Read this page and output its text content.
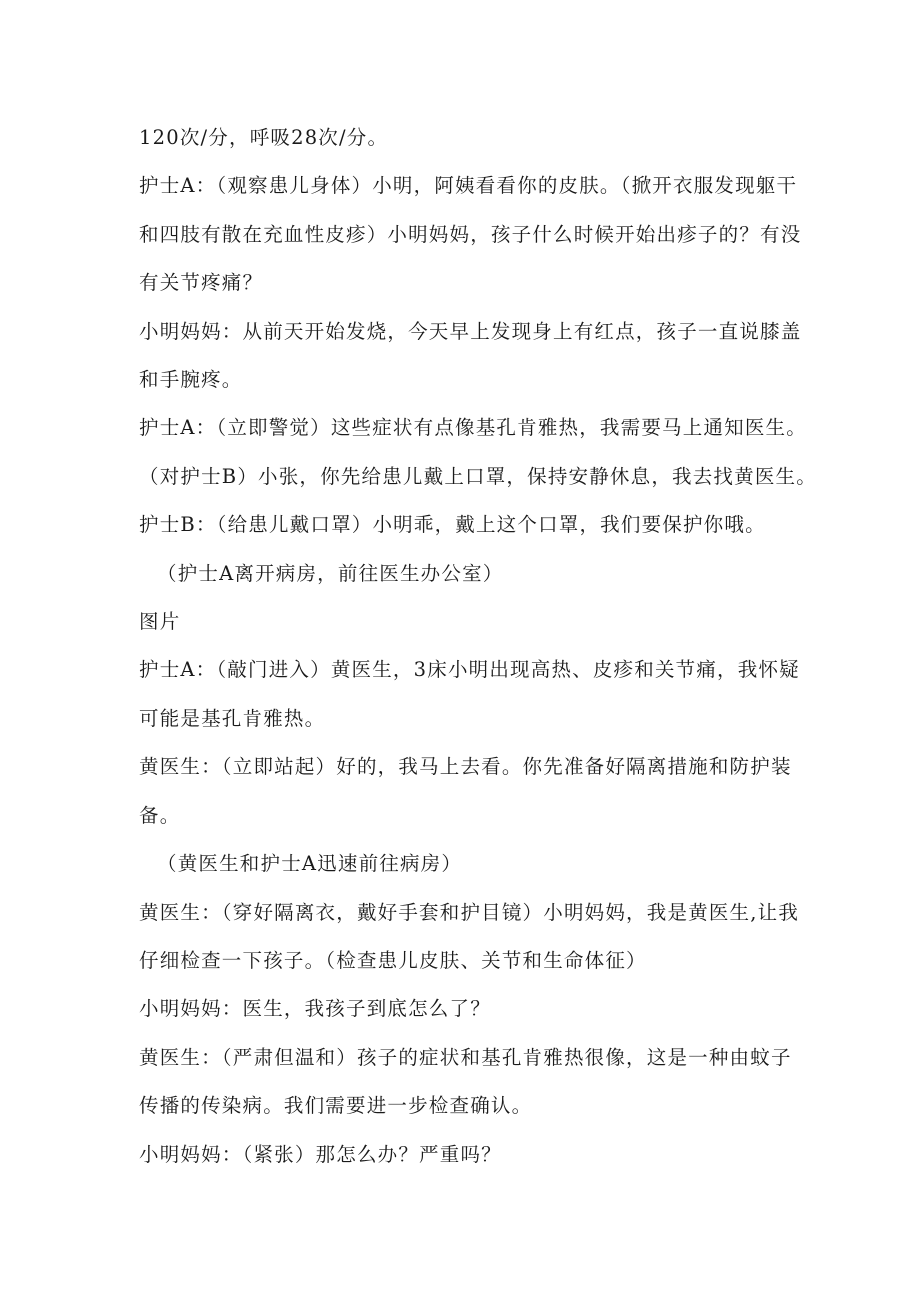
120次/分，呼吸28次/分。

护士A：（观察患儿身体）小明，阿姨看看你的皮肤。（掀开衣服发现躯干
和四肢有散在充血性皮疹）小明妈妈，孩子什么时候开始出疹子的？有没
有关节疼痛？

小明妈妈：从前天开始发烧，今天早上发现身上有红点，孩子一直说膝盖
和手腕疼。

护士A：（立即警觉）这些症状有点像基孔肯雅热，我需要马上通知医生。
（对护士B）小张，你先给患儿戴上口罩，保持安静休息，我去找黄医生。

护士B：（给患儿戴口罩）小明乖，戴上这个口罩，我们要保护你哦。

（护士A离开病房，前往医生办公室）

图片

护士A：（敲门进入）黄医生，3床小明出现高热、皮疹和关节痛，我怀疑
可能是基孔肯雅热。

黄医生：（立即站起）好的，我马上去看。你先准备好隔离措施和防护装
备。

（黄医生和护士A迅速前往病房）

黄医生：（穿好隔离衣，戴好手套和护目镜）小明妈妈，我是黄医生,让我
仔细检查一下孩子。（检查患儿皮肤、关节和生命体征）

小明妈妈：医生，我孩子到底怎么了？

黄医生：（严肃但温和）孩子的症状和基孔肯雅热很像，这是一种由蚊子
传播的传染病。我们需要进一步检查确认。

小明妈妈：（紧张）那怎么办？严重吗？
